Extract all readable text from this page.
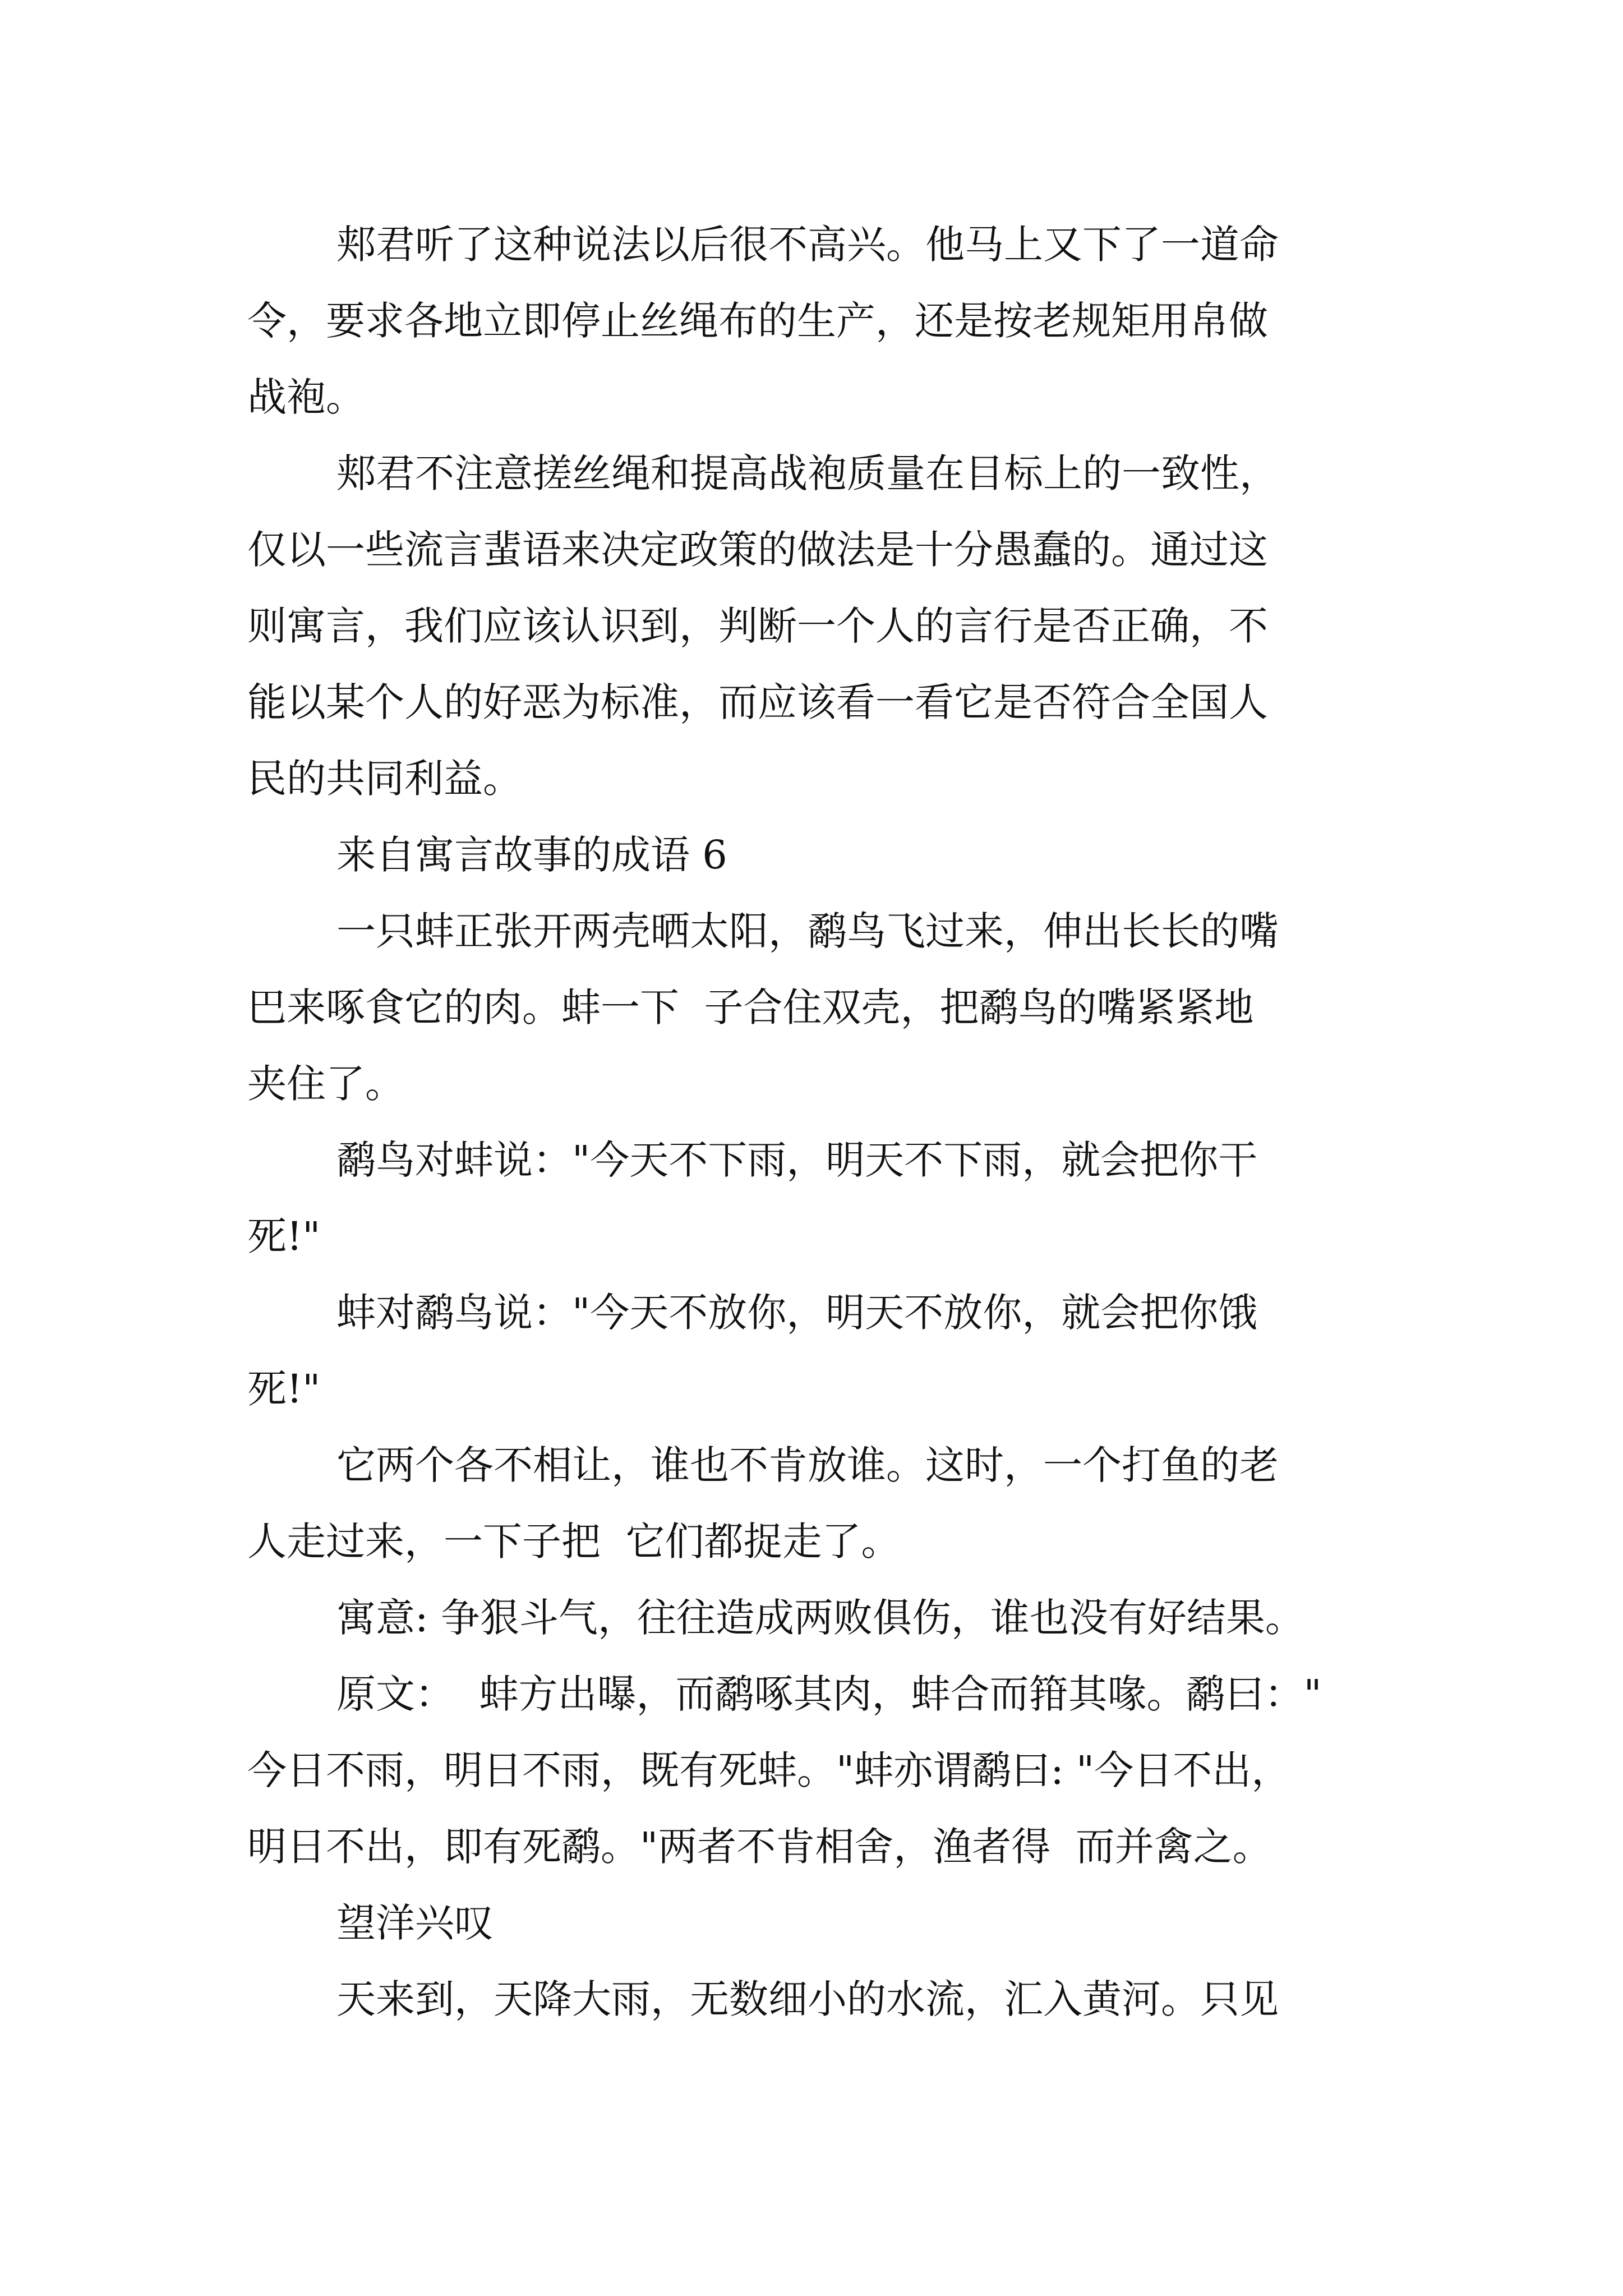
郏君听了这种说法以后很不高兴。他马上又下了一道命
令，要求各地立即停止丝绳布的生产，还是按老规矩用帛做
战袍。
郏君不注意搓丝绳和提高战袍质量在目标上的一致性，
仅以一些流言蜚语来决定政策的做法是十分愚蠢的。通过这
则寓言，我们应该认识到，判断一个人的言行是否正确，不
能以某个人的好恶为标准，而应该看一看它是否符合全国人
民的共同利益。
来自寓言故事的成语 6
一只蚌正张开两壳晒太阳，鹬鸟飞过来，伸出长长的嘴
巴来啄食它的肉。蚌一下  子合住双壳，把鹬鸟的嘴紧紧地
夹住了。
鹬鸟对蚌说："今天不下雨，明天不下雨，就会把你干
死!"
蚌对鹬鸟说："今天不放你，明天不放你，就会把你饿
死!"
它两个各不相让，谁也不肯放谁。这时，一个打鱼的老
人走过来，一下子把  它们都捉走了。
寓意: 争狠斗气，往往造成两败俱伤，谁也没有好结果。
原文：  蚌方出曝，而鹬啄其肉，蚌合而箝其喙。鹬曰："
今日不雨，明日不雨，既有死蚌。"蚌亦谓鹬曰: "今日不出，
明日不出，即有死鹬。"两者不肯相舍，渔者得  而并禽之。
望洋兴叹
天来到，天降大雨，无数细小的水流，汇入黄河。只见
